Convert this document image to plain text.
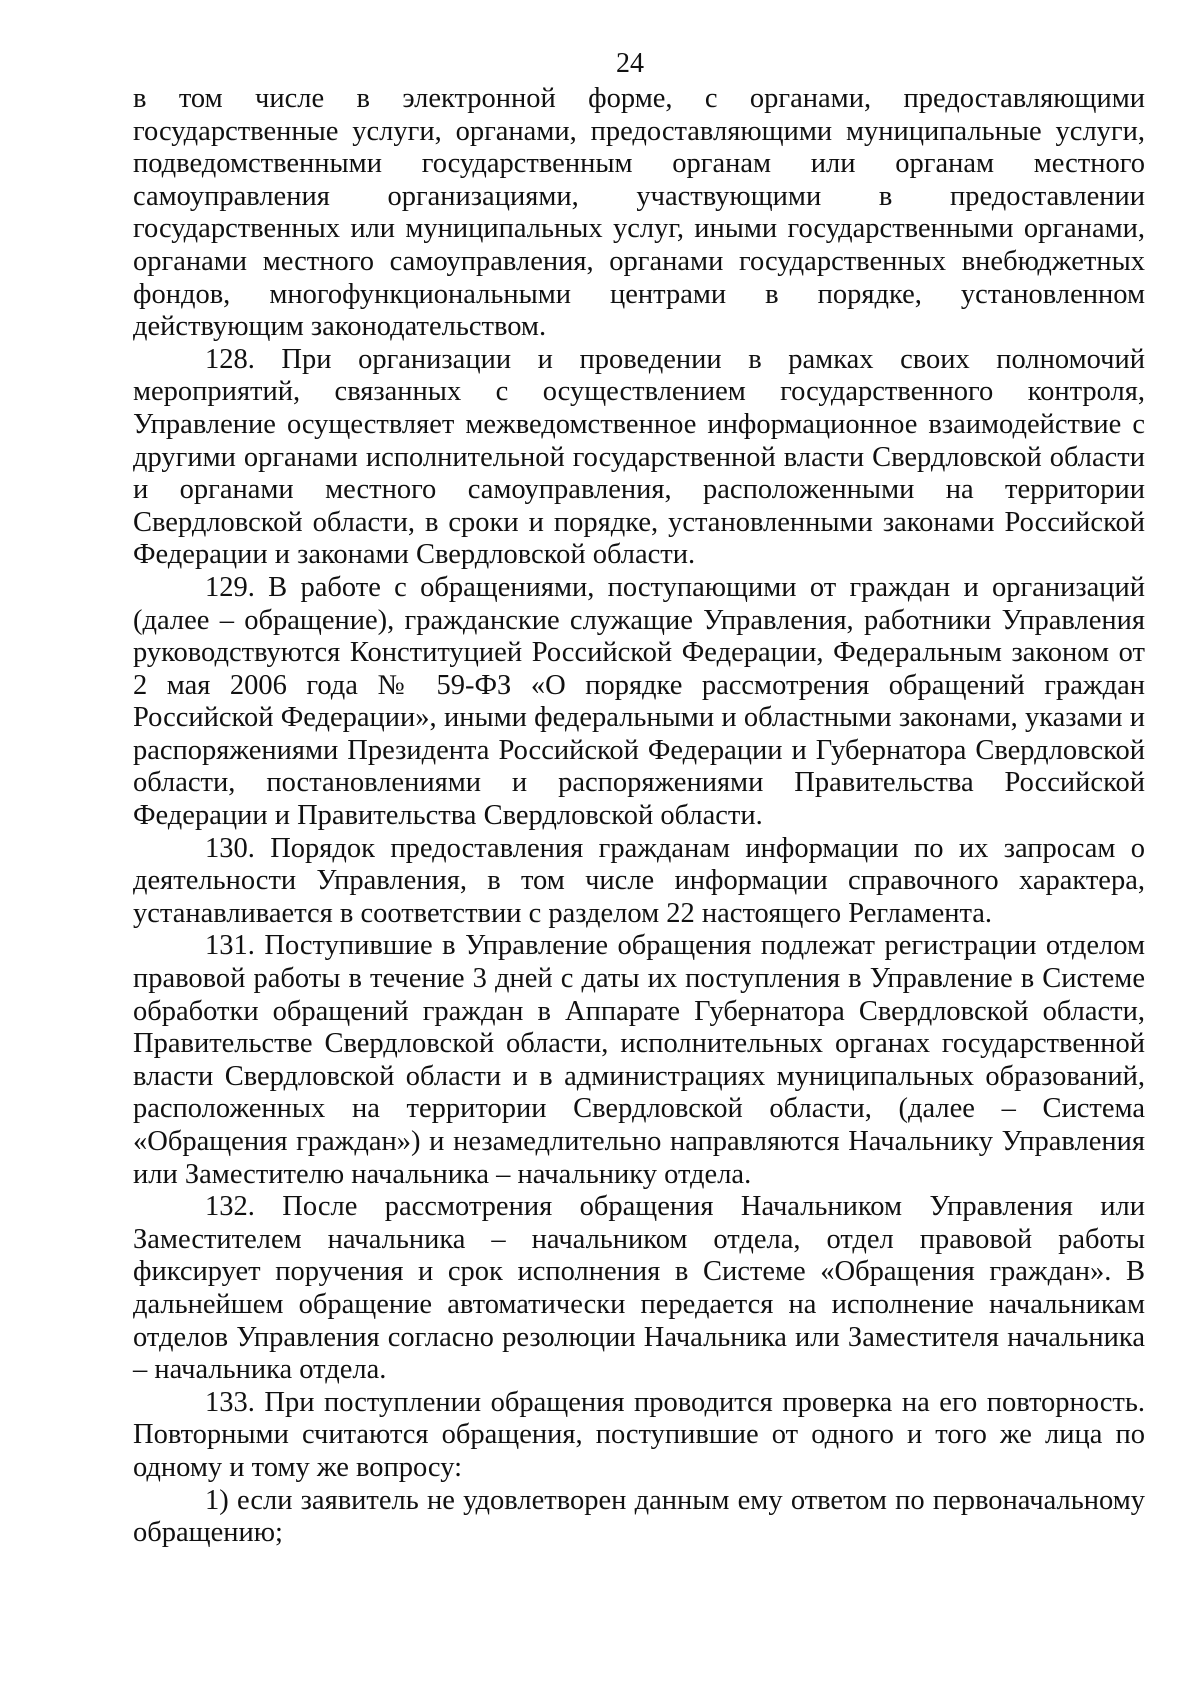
24

в том числе в электронной форме, с органами, предоставляющими государственные услуги, органами, предоставляющими муниципальные услуги, подведомственными государственным органам или органам местного самоуправления организациями, участвующими в предоставлении государственных или муниципальных услуг, иными государственными органами, органами местного самоуправления, органами государственных внебюджетных фондов, многофункциональными центрами в порядке, установленном действующим законодательством.

128. При организации и проведении в рамках своих полномочий мероприятий, связанных с осуществлением государственного контроля, Управление осуществляет межведомственное информационное взаимодействие с другими органами исполнительной государственной власти Свердловской области и органами местного самоуправления, расположенными на территории Свердловской области, в сроки и порядке, установленными законами Российской Федерации и законами Свердловской области.

129. В работе с обращениями, поступающими от граждан и организаций (далее – обращение), гражданские служащие Управления, работники Управления руководствуются Конституцией Российской Федерации, Федеральным законом от 2 мая 2006 года № 59-ФЗ «О порядке рассмотрения обращений граждан Российской Федерации», иными федеральными и областными законами, указами и распоряжениями Президента Российской Федерации и Губернатора Свердловской области, постановлениями и распоряжениями Правительства Российской Федерации и Правительства Свердловской области.

130. Порядок предоставления гражданам информации по их запросам о деятельности Управления, в том числе информации справочного характера, устанавливается в соответствии с разделом 22 настоящего Регламента.

131. Поступившие в Управление обращения подлежат регистрации отделом правовой работы в течение 3 дней с даты их поступления в Управление в Системе обработки обращений граждан в Аппарате Губернатора Свердловской области, Правительстве Свердловской области, исполнительных органах государственной власти Свердловской области и в администрациях муниципальных образований, расположенных на территории Свердловской области, (далее – Система «Обращения граждан») и незамедлительно направляются Начальнику Управления или Заместителю начальника – начальнику отдела.

132. После рассмотрения обращения Начальником Управления или Заместителем начальника – начальником отдела, отдел правовой работы фиксирует поручения и срок исполнения в Системе «Обращения граждан». В дальнейшем обращение автоматически передается на исполнение начальникам отделов Управления согласно резолюции Начальника или Заместителя начальника – начальника отдела.

133. При поступлении обращения проводится проверка на его повторность. Повторными считаются обращения, поступившие от одного и того же лица по одному и тому же вопросу:

1) если заявитель не удовлетворен данным ему ответом по первоначальному обращению;
